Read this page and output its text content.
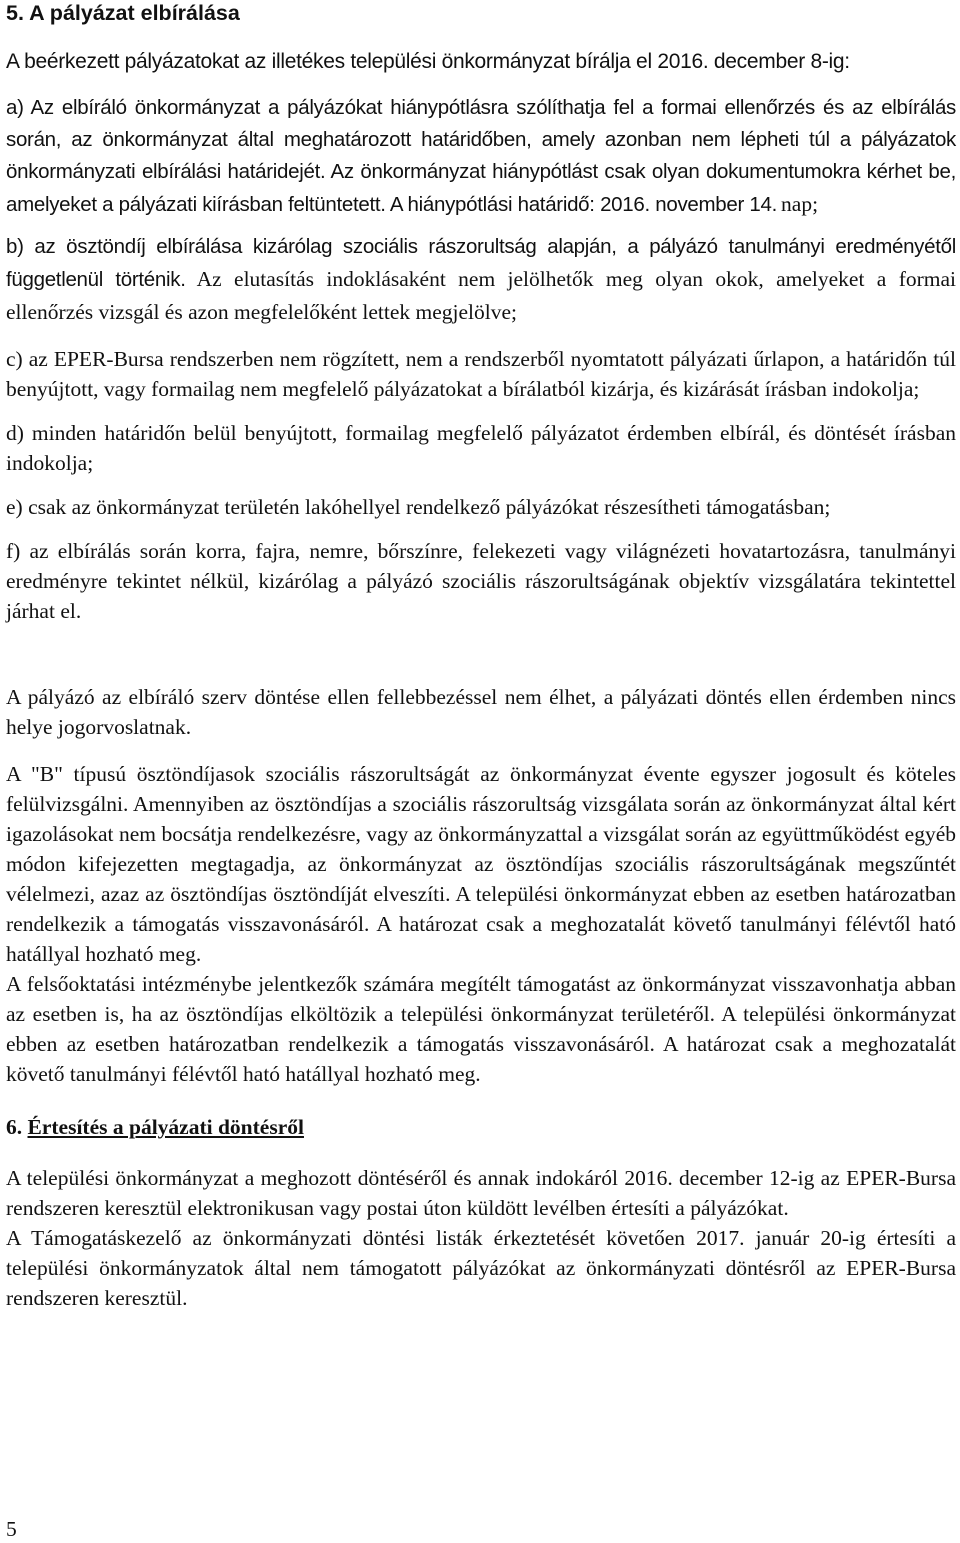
5. A pályázat elbírálása

A beérkezett pályázatokat az illetékes települési önkormányzat bírálja el 2016. december 8-ig:

a) Az elbíráló önkormányzat a pályázókat hiánypótlásra szólíthatja fel a formai ellenőrzés és az elbírálás során, az önkormányzat által meghatározott határidőben, amely azonban nem lépheti túl a pályázatok önkormányzati elbírálási határidejét. Az önkormányzat hiánypótlást csak olyan dokumentumokra kérhet be, amelyeket a pályázati kiírásban feltüntetett. A hiánypótlási határidő: 2016. november 14. nap;

b) az ösztöndíj elbírálása kizárólag szociális rászorultság alapján, a pályázó tanulmányi eredményétől függetlenül történik. Az elutasítás indoklásaként nem jelölhetők meg olyan okok, amelyeket a formai ellenőrzés vizsgál és azon megfelelőként lettek megjelölve;

c) az EPER-Bursa rendszerben nem rögzített, nem a rendszerből nyomtatott pályázati űrlapon, a határidőn túl benyújtott, vagy formailag nem megfelelő pályázatokat a bírálatból kizárja, és kizárását írásban indokolja;

d) minden határidőn belül benyújtott, formailag megfelelő pályázatot érdemben elbírál, és döntését írásban indokolja;

e) csak az önkormányzat területén lakóhellyel rendelkező pályázókat részesítheti támogatásban;

f) az elbírálás során korra, fajra, nemre, bőrszínre, felekezeti vagy világnézeti hovatartozásra, tanulmányi eredményre tekintet nélkül, kizárólag a pályázó szociális rászorultságának objektív vizsgálatára tekintettel járhat el.

A pályázó az elbíráló szerv döntése ellen fellebbezéssel nem élhet, a pályázati döntés ellen érdemben nincs helye jogorvoslatnak.

A "B" típusú ösztöndíjasok szociális rászorultságát az önkormányzat évente egyszer jogosult és köteles felülvizsgálni. Amennyiben az ösztöndíjas a szociális rászorultság vizsgálata során az önkormányzat által kért igazolásokat nem bocsátja rendelkezésre, vagy az önkormányzattal a vizsgálat során az együttműködést egyéb módon kifejezetten megtagadja, az önkormányzat az ösztöndíjas szociális rászorultságának megszűntét vélelmezi, azaz az ösztöndíjas ösztöndíját elveszíti. A települési önkormányzat ebben az esetben határozatban rendelkezik a támogatás visszavonásáról. A határozat csak a meghozatalát követő tanulmányi félévtől ható hatállyal hozható meg.

A felsőoktatási intézménybe jelentkezők számára megítélt támogatást az önkormányzat visszavonhatja abban az esetben is, ha az ösztöndíjas elköltözik a települési önkormányzat területéről. A települési önkormányzat ebben az esetben határozatban rendelkezik a támogatás visszavonásáról. A határozat csak a meghozatalát követő tanulmányi félévtől ható hatállyal hozható meg.

6. Értesítés a pályázati döntésről

A települési önkormányzat a meghozott döntéséről és annak indokáról 2016. december 12-ig az EPER-Bursa rendszeren keresztül elektronikusan vagy postai úton küldött levélben értesíti a pályázókat.

A Támogatáskezelő az önkormányzati döntési listák érkeztetését követően 2017. január 20-ig értesíti a települési önkormányzatok által nem támogatott pályázókat az önkormányzati döntésről az EPER-Bursa rendszeren keresztül.

5
